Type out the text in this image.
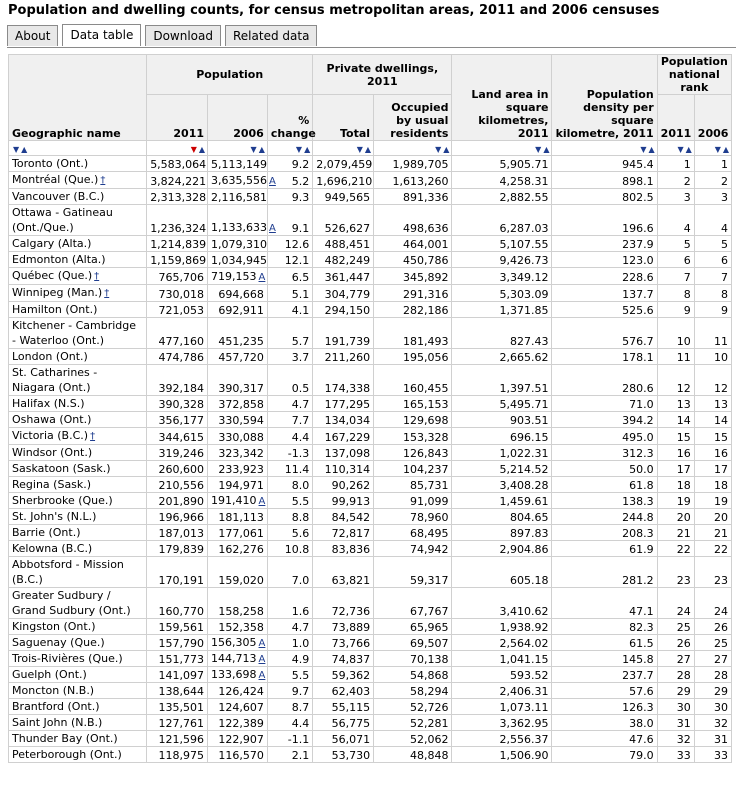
Population and dwelling counts, for census metropolitan areas, 2011 and 2006 censuses
About Data table Download Related data
Geographic name	Population			Private dwellings, 2011		Land area in square kilometres, 2011	Population density per square kilometre, 2011	Population national rank	
	2011	2006	% change	Total	Occupied by usual residents			2011	2006
▼ ▲	▼ ▲	▼ ▲	▼ ▲	▼ ▲	▼ ▲	▼ ▲	▼ ▲	▼ ▲	▼ ▲
Toronto (Ont.)	5,583,064	5,113,149	9.2	2,079,459	1,989,705	5,905.71	945.4	1	1
Montréal (Que.) †	3,824,221	3,635,556 A	5.2	1,696,210	1,613,260	4,258.31	898.1	2	2
Vancouver (B.C.)	2,313,328	2,116,581	9.3	949,565	891,336	2,882.55	802.5	3	3
Ottawa - Gatineau (Ont./Que.)	1,236,324	1,133,633 A	9.1	526,627	498,636	6,287.03	196.6	4	4
Calgary (Alta.)	1,214,839	1,079,310	12.6	488,451	464,001	5,107.55	237.9	5	5
Edmonton (Alta.)	1,159,869	1,034,945	12.1	482,249	450,786	9,426.73	123.0	6	6
Québec (Que.) †	765,706	719,153 A	6.5	361,447	345,892	3,349.12	228.6	7	7
Winnipeg (Man.) †	730,018	694,668	5.1	304,779	291,316	5,303.09	137.7	8	8
Hamilton (Ont.)	721,053	692,911	4.1	294,150	282,186	1,371.85	525.6	9	9
Kitchener - Cambridge - Waterloo (Ont.)	477,160	451,235	5.7	191,739	181,493	827.43	576.7	10	11
London (Ont.)	474,786	457,720	3.7	211,260	195,056	2,665.62	178.1	11	10
St. Catharines - Niagara (Ont.)	392,184	390,317	0.5	174,338	160,455	1,397.51	280.6	12	12
Halifax (N.S.)	390,328	372,858	4.7	177,295	165,153	5,495.71	71.0	13	13
Oshawa (Ont.)	356,177	330,594	7.7	134,034	129,698	903.51	394.2	14	14
Victoria (B.C.) †	344,615	330,088	4.4	167,229	153,328	696.15	495.0	15	15
Windsor (Ont.)	319,246	323,342	-1.3	137,098	126,843	1,022.31	312.3	16	16
Saskatoon (Sask.)	260,600	233,923	11.4	110,314	104,237	5,214.52	50.0	17	17
Regina (Sask.)	210,556	194,971	8.0	90,262	85,731	3,408.28	61.8	18	18
Sherbrooke (Que.)	201,890	191,410 A	5.5	99,913	91,099	1,459.61	138.3	19	19
St. John's (N.L.)	196,966	181,113	8.8	84,542	78,960	804.65	244.8	20	20
Barrie (Ont.)	187,013	177,061	5.6	72,817	68,495	897.83	208.3	21	21
Kelowna (B.C.)	179,839	162,276	10.8	83,836	74,942	2,904.86	61.9	22	22
Abbotsford - Mission (B.C.)	170,191	159,020	7.0	63,821	59,317	605.18	281.2	23	23
Greater Sudbury / Grand Sudbury (Ont.)	160,770	158,258	1.6	72,736	67,767	3,410.62	47.1	24	24
Kingston (Ont.)	159,561	152,358	4.7	73,889	65,965	1,938.92	82.3	25	26
Saguenay (Que.)	157,790	156,305 A	1.0	73,766	69,507	2,564.02	61.5	26	25
Trois-Rivières (Que.)	151,773	144,713 A	4.9	74,837	70,138	1,041.15	145.8	27	27
Guelph (Ont.)	141,097	133,698 A	5.5	59,362	54,868	593.52	237.7	28	28
Moncton (N.B.)	138,644	126,424	9.7	62,403	58,294	2,406.31	57.6	29	29
Brantford (Ont.)	135,501	124,607	8.7	55,115	52,726	1,073.11	126.3	30	30
Saint John (N.B.)	127,761	122,389	4.4	56,775	52,281	3,362.95	38.0	31	32
Thunder Bay (Ont.)	121,596	122,907	-1.1	56,071	52,062	2,556.37	47.6	32	31
Peterborough (Ont.)	118,975	116,570	2.1	53,730	48,848	1,506.90	79.0	33	33
